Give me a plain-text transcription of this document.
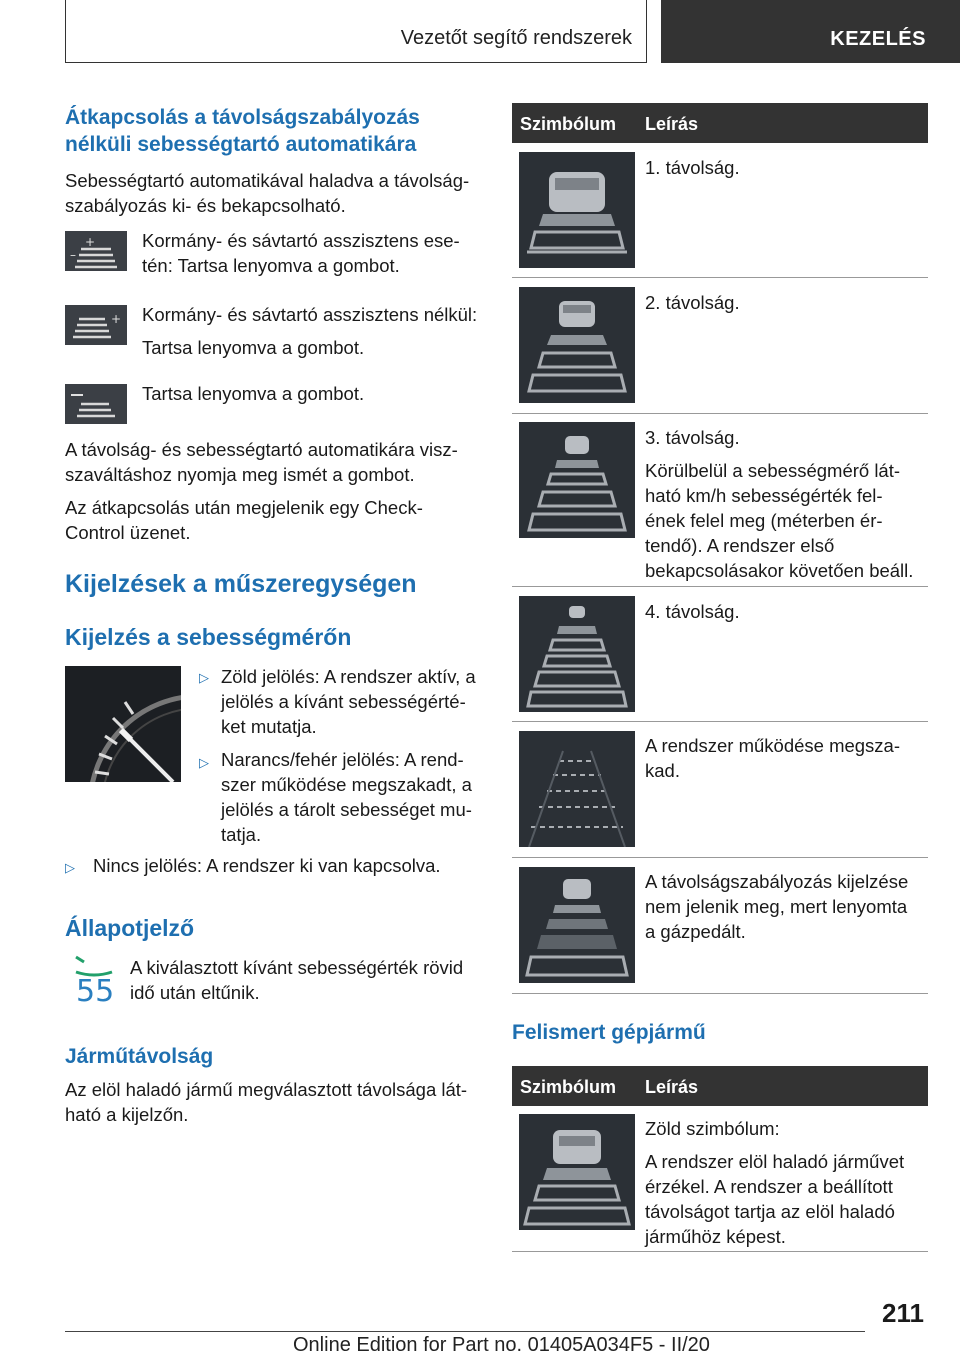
Vezetőt segítő rendszerek	KEZELÉS
Átkapcsolás a távolságszabályozás
nélküli sebességtartó automatikára
Sebességtartó automatikával haladva a távolság-
szabályozás ki- és bekapcsolható.
–
+	Kormány- és sávtartó asszisztens ese-
tén: Tartsa lenyomva a gombot.
+ Kormány- és sávtartó asszisztens nélkül:
Tartsa lenyomva a gombot.
Tartsa lenyomva a gombot.
A távolság- és sebességtartó automatikára visz-
szaváltáshoz nyomja meg ismét a gombot.
Az átkapcsolás után megjelenik egy Check-
Control üzenet.
Kijelzések a műszeregységen
Kijelzés a sebességmérőn
▷ Zöld jelölés: A rendszer aktív, a
jelölés a kívánt sebességérté-
ket mutatja.
▷ Narancs/fehér jelölés: A rend-
szer működése megszakadt, a
jelölés a tárolt sebességet mu-
tatja.
▷ Nincs jelölés: A rendszer ki van kapcsolva.
Állapotjelző
55
A kiválasztott kívánt sebességérték rövid
idő után eltűnik.
Járműtávolság
Az elöl haladó jármű megválasztott távolsága lát-
ható a kijelzőn.
Szimbólum Leírás
1. távolság.
2. távolság.
3. távolság.
Körülbelül a sebességmérő lát-
ható km/h sebességérték fel-
ének felel meg (méterben ér-
tendő). A rendszer első
bekapcsolásakor követően beáll.
4. távolság.
A rendszer működése megsza-
kad.
A távolságszabályozás kijelzése
nem jelenik meg, mert lenyomta
a gázpedált.
Felismert gépjármű
Szimbólum Leírás
Zöld szimbólum:
A rendszer elöl haladó járművet
érzékel. A rendszer a beállított
távolságot tartja az elöl haladó
járműhöz képest.
211
Online Edition for Part no. 01405A034F5 - II/20
